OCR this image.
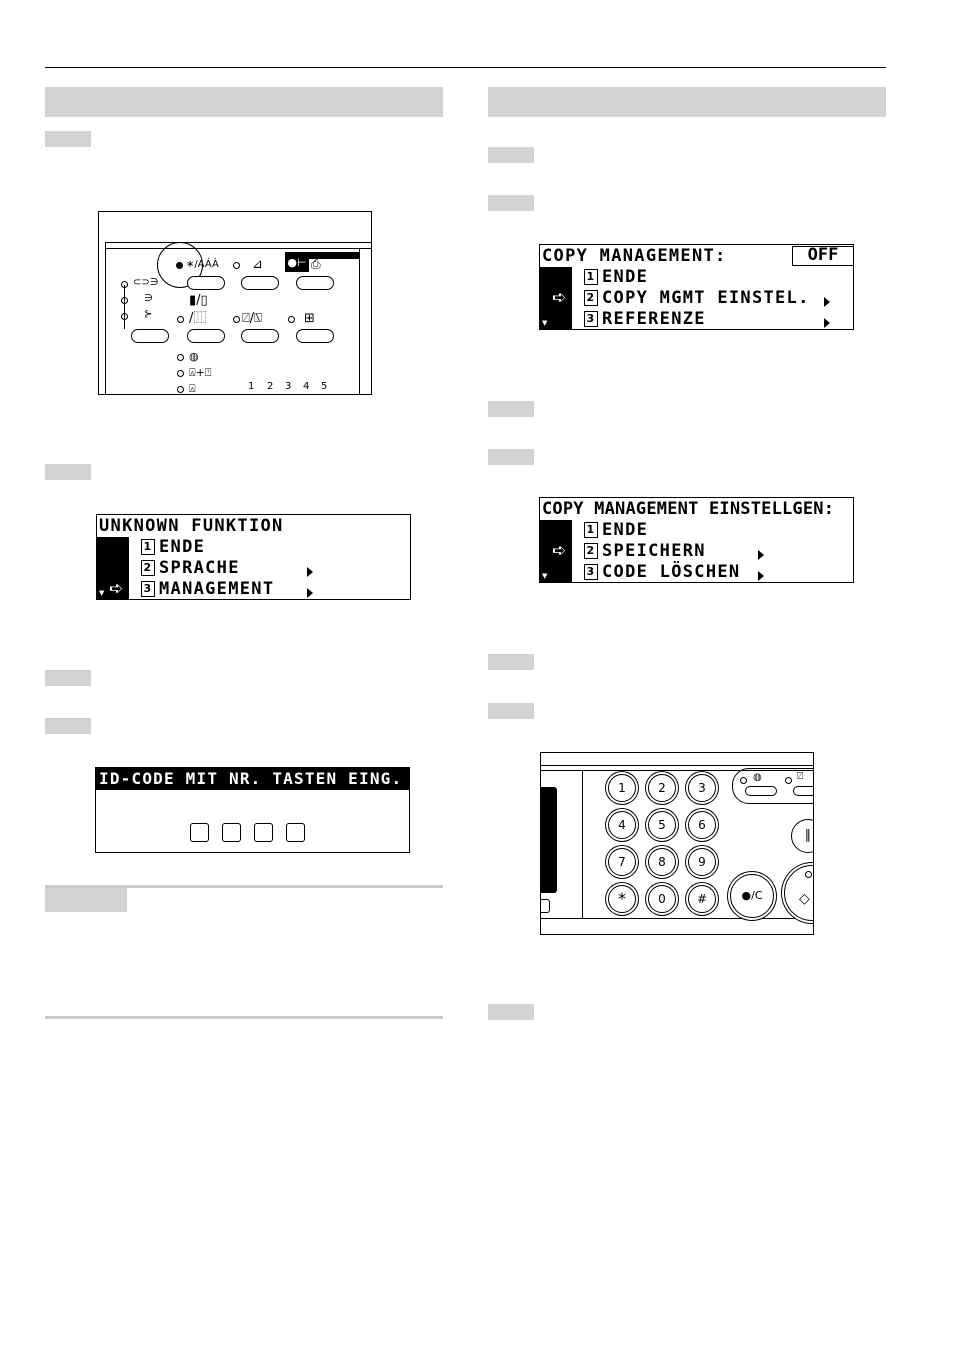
●⊢
∗/AÁÀ	⊿	⎙
⊂⊃∋
∋
⊱
▮/▯
/⿲	⍁/⍂	⊞
◍
⍓+⍞
⍓	1 2 3 4 5
UNKNOWN FUNKTION
1 ENDE
2 SPRACHE
3 MANAGEMENT
➪
▼
ID-CODE MIT NR. TASTEN EING.
COPY MANAGEMENT:	OFF
1 ENDE
2 COPY MGMT EINSTEL.
3 REFERENZE
➪
▼
COPY MANAGEMENT EINSTELLGEN:
1 ENDE
2 SPEICHERN
3 CODE LÖSCHEN
➪
▼
1	2	3
4	5	6
7	8	9
*	0	#	●/C	◇
∥
◍	⍁
